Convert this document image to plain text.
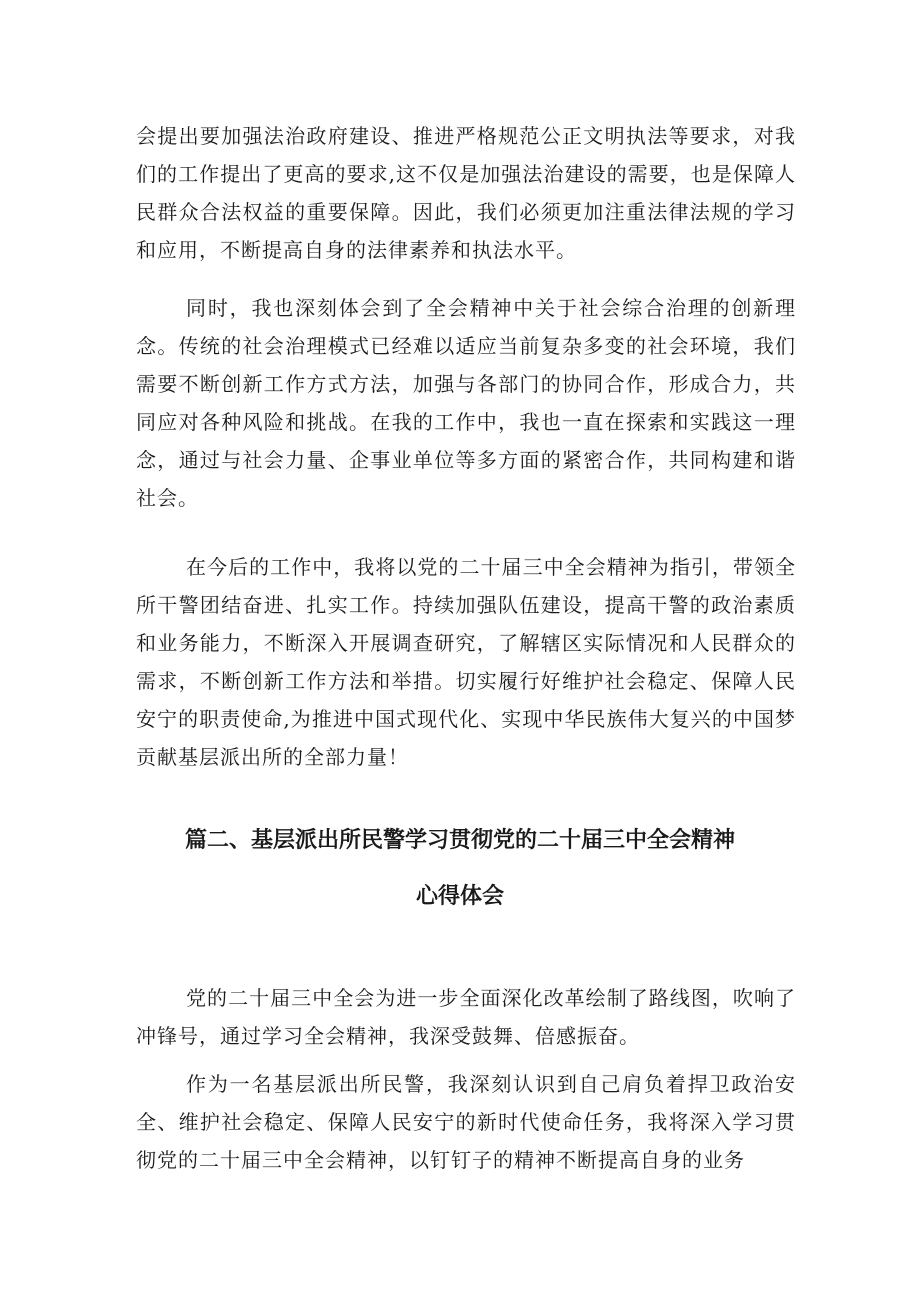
会提出要加强法治政府建设、推进严格规范公正文明执法等要求，对我们的工作提出了更高的要求,这不仅是加强法治建设的需要，也是保障人民群众合法权益的重要保障。因此，我们必须更加注重法律法规的学习和应用，不断提高自身的法律素养和执法水平。

同时，我也深刻体会到了全会精神中关于社会综合治理的创新理念。传统的社会治理模式已经难以适应当前复杂多变的社会环境，我们需要不断创新工作方式方法，加强与各部门的协同合作，形成合力，共同应对各种风险和挑战。在我的工作中，我也一直在探索和实践这一理念，通过与社会力量、企事业单位等多方面的紧密合作，共同构建和谐社会。

在今后的工作中，我将以党的二十届三中全会精神为指引，带领全所干警团结奋进、扎实工作。持续加强队伍建设，提高干警的政治素质和业务能力，不断深入开展调查研究，了解辖区实际情况和人民群众的需求，不断创新工作方法和举措。切实履行好维护社会稳定、保障人民安宁的职责使命,为推进中国式现代化、实现中华民族伟大复兴的中国梦贡献基层派出所的全部力量！

篇二、基层派出所民警学习贯彻党的二十届三中全会精神
心得体会

党的二十届三中全会为进一步全面深化改革绘制了路线图，吹响了冲锋号，通过学习全会精神，我深受鼓舞、倍感振奋。

作为一名基层派出所民警，我深刻认识到自己肩负着捍卫政治安全、维护社会稳定、保障人民安宁的新时代使命任务，我将深入学习贯彻党的二十届三中全会精神，以钉钉子的精神不断提高自身的业务
